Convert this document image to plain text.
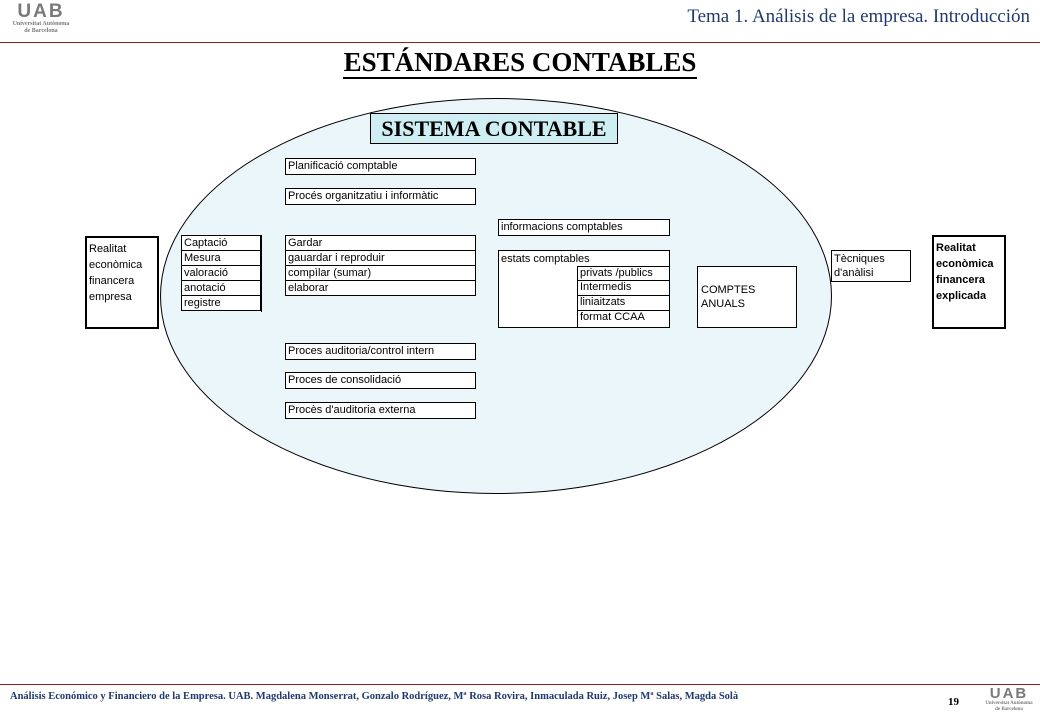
UAB
Universitat Autònoma
de Barcelona
Tema 1. Análisis de la empresa. Introducción
ESTÁNDARES CONTABLES
SISTEMA CONTABLE
Realitat
econòmica
financera
empresa
Captació
Mesura
valoració
anotació
registre
Planificació comptable
Procés organitzatiu i informàtic
Gardar
gauardar i reproduir
compìlar (sumar)
elaborar
Proces auditoria/control intern
Proces de consolidació
Procès d'auditoria externa
informacions comptables
estats comptables
privats /publics
Intermedis
liniaitzats
format CCAA
COMPTES
ANUALS
Tècniques
d'anàlisi
Realitat
econòmica
financera
explicada
Análisis Económico y Financiero de la Empresa. UAB. Magdalena Monserrat, Gonzalo Rodríguez, Mª Rosa Rovira, Inmaculada Ruiz, Josep Mª Salas, Magda Solà	19	UAB
Universitat Autònoma
de Barcelona
